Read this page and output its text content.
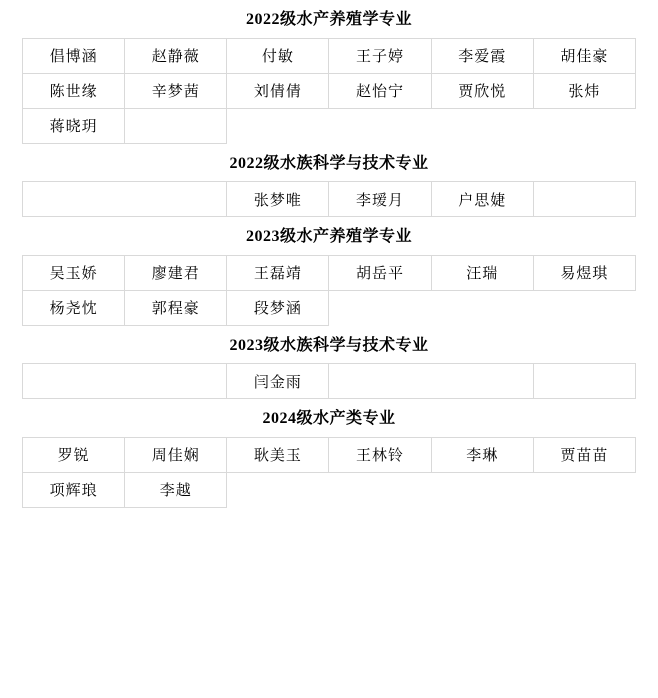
2022级水产养殖学专业
倡博涵	赵静薇	付敏	王子婷	李爱霞	胡佳豪
陈世缘	辛梦茜	刘倩倩	赵怡宁	贾欣悦	张炜
蒋晓玥					
2022级水族科学与技术专业
	张梦唯	李瑷月	户思婕	
2023级水产养殖学专业
吴玉娇	廖建君	王磊靖	胡岳平	汪瑞	易煜琪
杨尧忱	郭程豪	段梦涵			
2023级水族科学与技术专业
	闫金雨		
2024级水产类专业
罗锐	周佳娴	耿美玉	王林铃	李琳	贾苗苗
项辉琅	李越				
